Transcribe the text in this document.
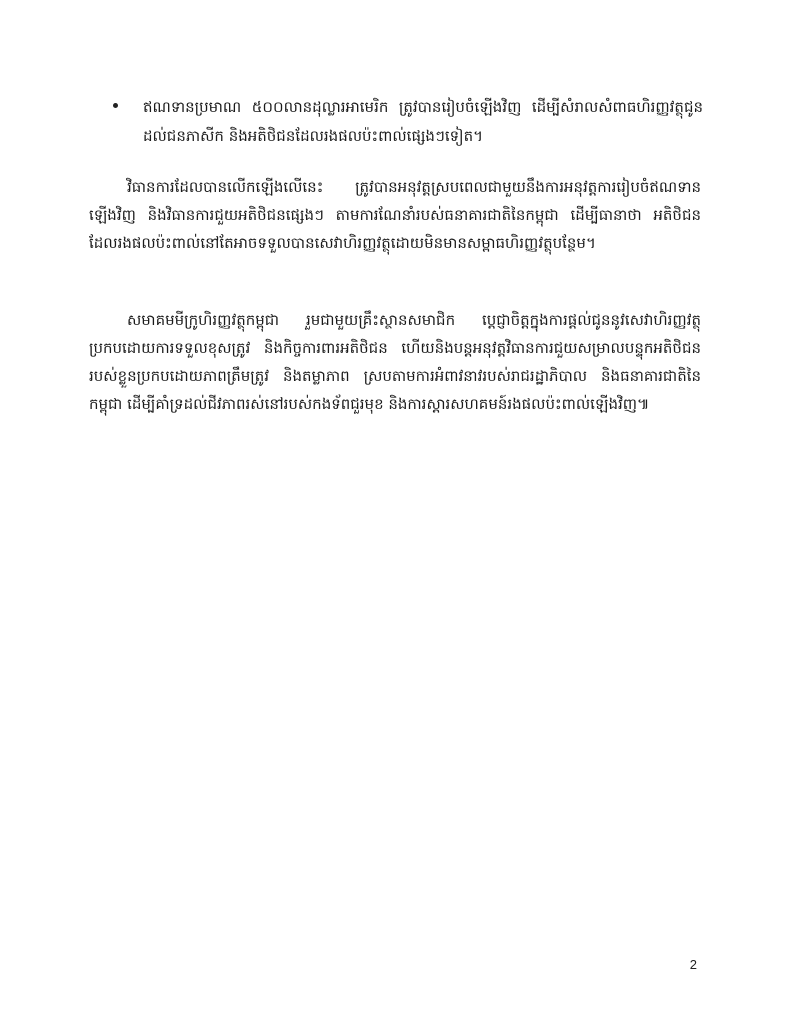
ឥណទានប្រមាណ ៥០០លានដុល្លារអាមេរិក ត្រូវបានរៀបចំឡើងវិញ ដើម្បីសំរាលសំពាធហិរញ្ញវត្ថុជូនដល់ជនភាសីក និងអតិថិជនដែលរងផលប៉ះពាល់ផ្សេងៗទៀត។

វិធានការដែលបានលើកឡើងលើនេះ ត្រូវបានអនុវត្តស្របពេលជាមួយនឹងការអនុវត្តការរៀបចំឥណទានឡើងវិញ និងវិធានការជួយអតិថិជនផ្សេងៗ តាមការណែនាំរបស់ធនាគារជាតិនៃកម្ពុជា ដើម្បីធានាថា អតិថិជនដែលរងផលប៉ះពាល់នៅតែអាចទទួលបានសេវាហិរញ្ញវត្ថុដោយមិនមានសម្ពាធហិរញ្ញវត្ថុបន្ថែម។

សមាគមមីក្រូហិរញ្ញវត្ថុកម្ពុជា រួមជាមួយគ្រឹះស្ថានសមាជិក ប្តេជ្ញាចិត្តក្នុងការផ្តល់ជូននូវសេវាហិរញ្ញវត្ថុប្រកបដោយការទទួលខុសត្រូវ និងកិច្ចការពារអតិថិជន ហើយនិងបន្តអនុវត្តវិធានការជួយសម្រាលបន្ទុកអតិថិជនរបស់ខ្លួនប្រកបដោយភាពត្រឹមត្រូវ និងតម្លាភាព ស្របតាមការអំពាវនាវរបស់រាជរដ្ឋាភិបាល និងធនាគារជាតិនៃកម្ពុជា ដើម្បីគាំទ្រដល់ជីវភាពរស់នៅរបស់កងទ័ពជួរមុខ និងការស្តារសហគមន៍រងផលប៉ះពាល់ឡើងវិញ៕

2
